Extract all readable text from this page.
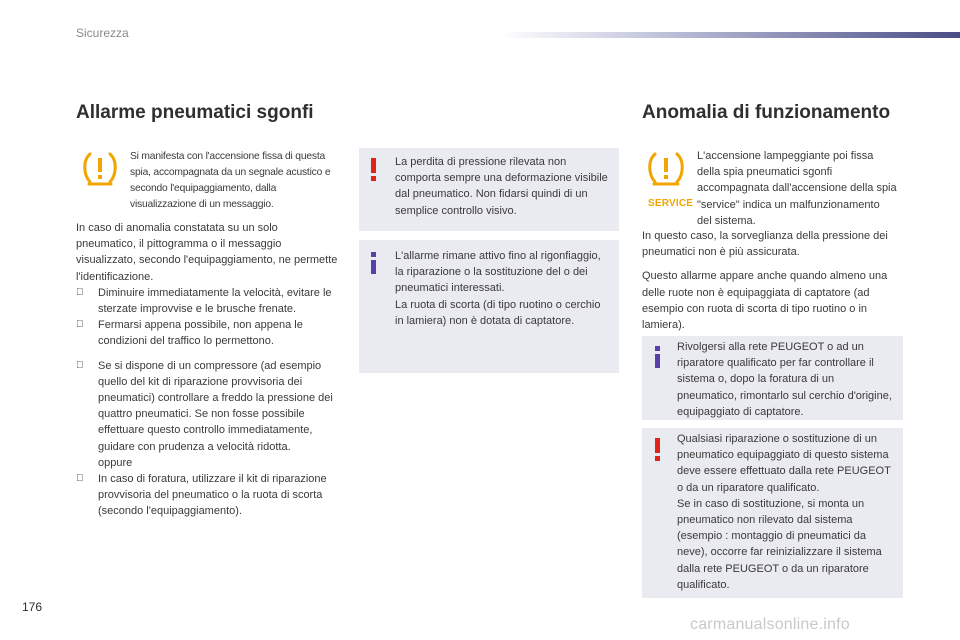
Sicurezza
Allarme pneumatici sgonfi	Anomalia di funzionamento
Si manifesta con l'accensione fissa di questa spia, accompagnata da un segnale acustico e secondo l'equipaggiamento, dalla visualizzazione di un messaggio.

In caso di anomalia constatata su un solo pneumatico, il pittogramma o il messaggio visualizzato, secondo l'equipaggiamento, ne permette l'identificazione.

Diminuire immediatamente la velocità, evitare le sterzate improvvise e le brusche frenate.
Fermarsi appena possibile, non appena le condizioni del traffico lo permettono.
Se si dispone di un compressore (ad esempio quello del kit di riparazione provvisoria dei pneumatici) controllare a freddo la pressione dei quattro pneumatici. Se non fosse possibile effettuare questo controllo immediatamente, guidare con prudenza a velocità ridotta.
oppure
In caso di foratura, utilizzare il kit di riparazione provvisoria del pneumatico o la ruota di scorta (secondo l'equipaggiamento).
La perdita di pressione rilevata non comporta sempre una deformazione visibile dal pneumatico. Non fidarsi quindi di un semplice controllo visivo.
L'allarme rimane attivo fino al rigonfiaggio, la riparazione o la sostituzione del o dei pneumatici interessati.
La ruota di scorta (di tipo ruotino o cerchio in lamiera) non è dotata di captatore.
SERVICE
L'accensione lampeggiante poi fissa della spia pneumatici sgonfi accompagnata dall'accensione della spia "service" indica un malfunzionamento del sistema.

In questo caso, la sorveglianza della pressione dei pneumatici non è più assicurata.

Questo allarme appare anche quando almeno una delle ruote non è equipaggiata di captatore (ad esempio con ruota di scorta di tipo ruotino o in lamiera).

Rivolgersi alla rete PEUGEOT o ad un riparatore qualificato per far controllare il sistema o, dopo la foratura di un pneumatico, rimontarlo sul cerchio d'origine, equipaggiato di captatore.
Qualsiasi riparazione o sostituzione di un pneumatico equipaggiato di questo sistema deve essere effettuato dalla rete PEUGEOT o da un riparatore qualificato.
Se in caso di sostituzione, si monta un pneumatico non rilevato dal sistema (esempio : montaggio di pneumatici da neve), occorre far reinizializzare il sistema dalla rete PEUGEOT o da un riparatore qualificato.
176
carmanualsonline.info
